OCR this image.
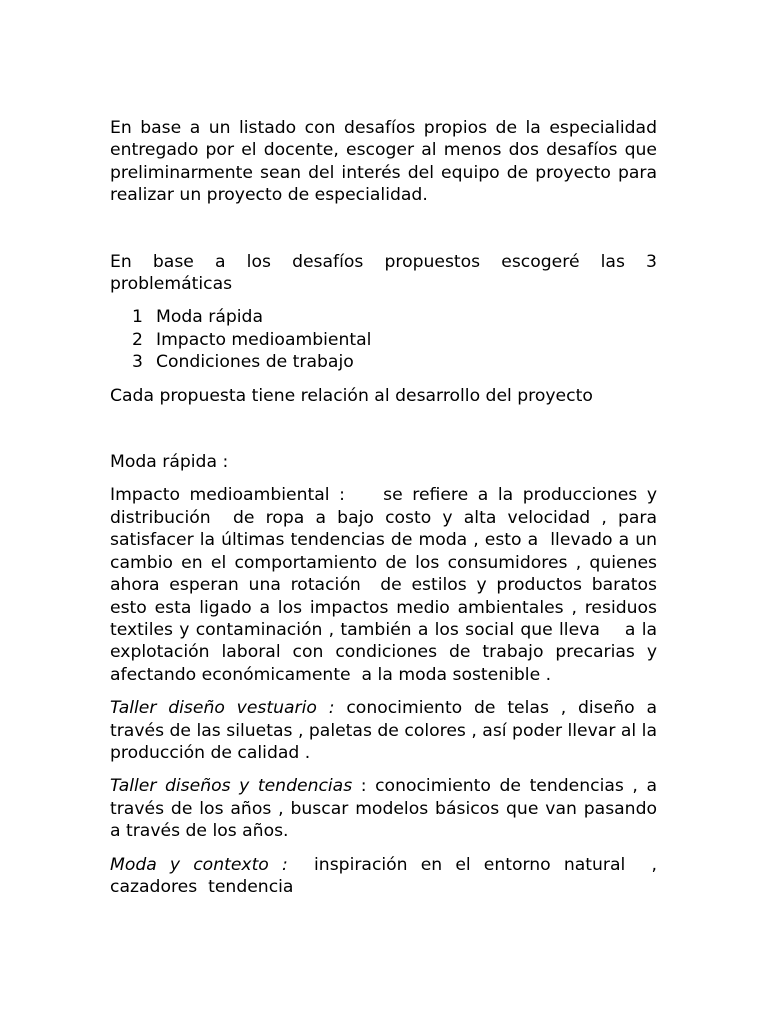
En base a un listado con desafíos propios de la especialidad entregado por el docente, escoger al menos dos desafíos que preliminarmente sean del interés del equipo de proyecto para realizar un proyecto de especialidad.

En base a los desafíos propuestos escogeré las 3 problemáticas

1 Moda rápida
2 Impacto medioambiental
3 Condiciones de trabajo

Cada propuesta tiene relación al desarrollo del proyecto

Moda rápida :

Impacto medioambiental :    se refiere a la producciones y distribución  de ropa a bajo costo y alta velocidad , para satisfacer la últimas tendencias de moda , esto a  llevado a un cambio en el comportamiento de los consumidores , quienes ahora esperan una rotación  de estilos y productos baratos    esto esta ligado a los impactos medio ambientales , residuos textiles y contaminación , también a los social que lleva    a la   explotación laboral con condiciones de trabajo precarias y afectando económicamente  a la moda sostenible .

Taller diseño vestuario : conocimiento de telas , diseño a través de las siluetas , paletas de colores , así poder llevar al la  producción de calidad .

Taller diseños y tendencias : conocimiento de tendencias , a través de los años , buscar modelos básicos que van pasando a través de los años.

Moda y contexto :  inspiración en el entorno natural  , cazadores  tendencia
